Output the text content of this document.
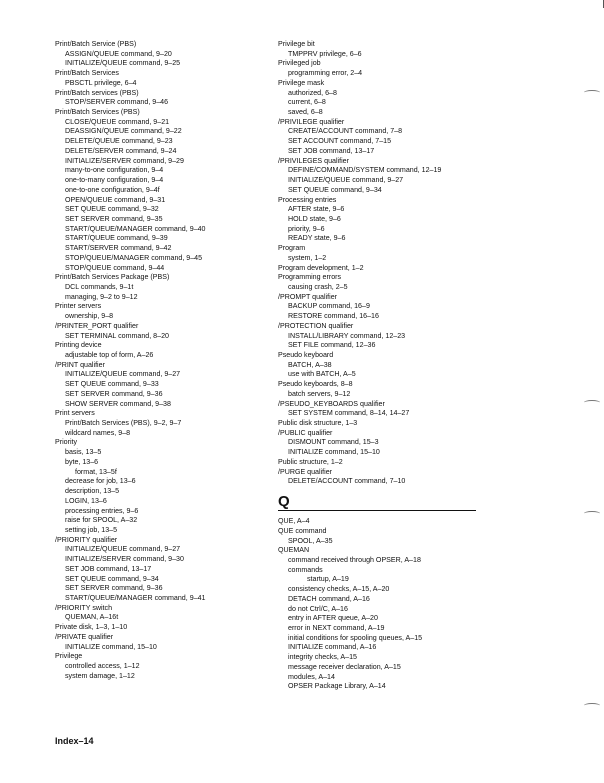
Print/Batch Service (PBS)
ASSIGN/QUEUE command, 9–20
INITIALIZE/QUEUE command, 9–25
Print/Batch Services
PBSCTL privilege, 6–4
Print/Batch services (PBS)
STOP/SERVER command, 9–46
Print/Batch Services (PBS)
CLOSE/QUEUE command, 9–21
DEASSIGN/QUEUE command, 9–22
DELETE/QUEUE command, 9–23
DELETE/SERVER command, 9–24
INITIALIZE/SERVER command, 9–29
many-to-one configuration, 9–4
one-to-many configuration, 9–4
one-to-one configuration, 9–4f
OPEN/QUEUE command, 9–31
SET QUEUE command, 9–32
SET SERVER command, 9–35
START/QUEUE/MANAGER command, 9–40
START/QUEUE command, 9–39
START/SERVER command, 9–42
STOP/QUEUE/MANAGER command, 9–45
STOP/QUEUE command, 9–44
Print/Batch Services Package (PBS)
DCL commands, 9–1t
managing, 9–2 to 9–12
Printer servers
ownership, 9–8
/PRINTER_PORT qualifier
SET TERMINAL command, 8–20
Printing device
adjustable top of form, A–26
/PRINT qualifier
INITIALIZE/QUEUE command, 9–27
SET QUEUE command, 9–33
SET SERVER command, 9–36
SHOW SERVER command, 9–38
Print servers
Print/Batch Services (PBS), 9–2, 9–7
wildcard names, 9–8
Priority
basis, 13–5
byte, 13–6
format, 13–5f
decrease for job, 13–6
description, 13–5
LOGIN, 13–6
processing entries, 9–6
raise for SPOOL, A–32
setting job, 13–5
/PRIORITY qualifier
INITIALIZE/QUEUE command, 9–27
INITIALIZE/SERVER command, 9–30
SET JOB command, 13–17
SET QUEUE command, 9–34
SET SERVER command, 9–36
START/QUEUE/MANAGER command, 9–41
/PRIORITY switch
QUEMAN, A–16t
Private disk, 1–3, 1–10
/PRIVATE qualifier
INITIALIZE command, 15–10
Privilege
controlled access, 1–12
system damage, 1–12
Privilege bit
TMPPRV privilege, 6–6
Privileged job
programming error, 2–4
Privilege mask
authorized, 6–8
current, 6–8
saved, 6–8
/PRIVILEGE qualifier
CREATE/ACCOUNT command, 7–8
SET ACCOUNT command, 7–15
SET JOB command, 13–17
/PRIVILEGES qualifier
DEFINE/COMMAND/SYSTEM command, 12–19
INITIALIZE/QUEUE command, 9–27
SET QUEUE command, 9–34
Processing entries
AFTER state, 9–6
HOLD state, 9–6
priority, 9–6
READY state, 9–6
Program
system, 1–2
Program development, 1–2
Programming errors
causing crash, 2–5
/PROMPT qualifier
BACKUP command, 16–9
RESTORE command, 16–16
/PROTECTION qualifier
INSTALL/LIBRARY command, 12–23
SET FILE command, 12–36
Pseudo keyboard
BATCH, A–38
use with BATCH, A–5
Pseudo keyboards, 8–8
batch servers, 9–12
/PSEUDO_KEYBOARDS qualifier
SET SYSTEM command, 8–14, 14–27
Public disk structure, 1–3
/PUBLIC qualifier
DISMOUNT command, 15–3
INITIALIZE command, 15–10
Public structure, 1–2
/PURGE qualifier
DELETE/ACCOUNT command, 7–10
Q
QUE, A–4
QUE command
SPOOL, A–35
QUEMAN
command received through OPSER, A–18
commands
startup, A–19
consistency checks, A–15, A–20
DETACH command, A–16
do not Ctrl/C, A–16
entry in AFTER queue, A–20
error in NEXT command, A–19
initial conditions for spooling queues, A–15
INITIALIZE command, A–16
integrity checks, A–15
message receiver declaration, A–15
modules, A–14
OPSER Package Library, A–14
Index–14
